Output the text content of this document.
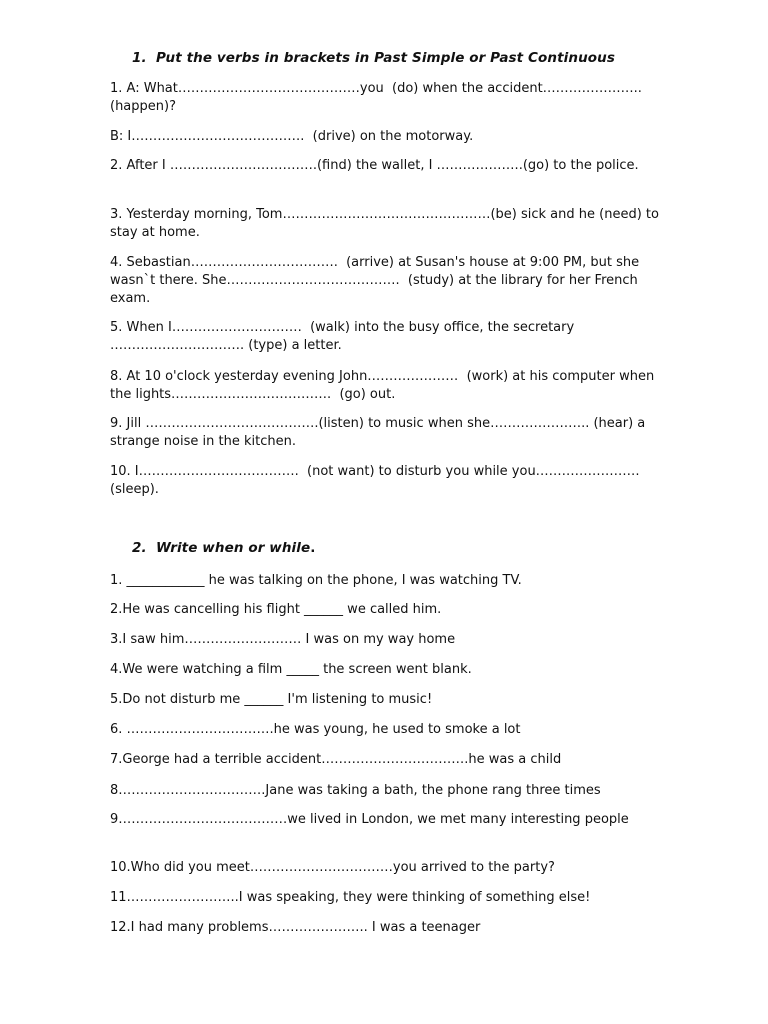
1. Put the verbs in brackets in Past Simple or Past Continuous
1. A: What……………………………………you  (do) when the accident…………………..  (happen)?
B: I………………………………….  (drive) on the motorway.
2. After I …………………………….(find) the wallet, I ………………..(go) to the police.
3. Yesterday morning, Tom…………………………………………(be) sick and he (need) to stay at home.
4. Sebastian…………………………….  (arrive) at Susan's house at 9:00 PM, but she wasn`t there. She………………………………….  (study) at the library for her French exam.
5. When I…………………………  (walk) into the busy office, the secretary …………………………. (type) a letter.
8. At 10 o'clock yesterday evening John…………………  (work) at his computer when the lights……………………………….  (go) out.
9. Jill ………………………………….(listen) to music when she………………….. (hear) a strange noise in the kitchen.
10. I……………………………….  (not want) to disturb you while you……………………  (sleep).
2. Write when or while.
1. ____________ he was talking on the phone, I was watching TV.
2.He was cancelling his flight ______ we called him.
3.I saw him……………………… I was on my way home
4.We were watching a film _____ the screen went blank.
5.Do not disturb me ______ I'm listening to music!
6. …………………………….he was young, he used to smoke a lot
7.George had a terrible accident…………………………….he was a child
8…………………………….Jane was taking a bath, the phone rang three times
9…………………………………we lived in London, we met many interesting people
10.Who did you meet……………………………you arrived to the party?
11……………………..I was speaking, they were thinking of something else!
12.I had many problems………………….. I was a teenager
